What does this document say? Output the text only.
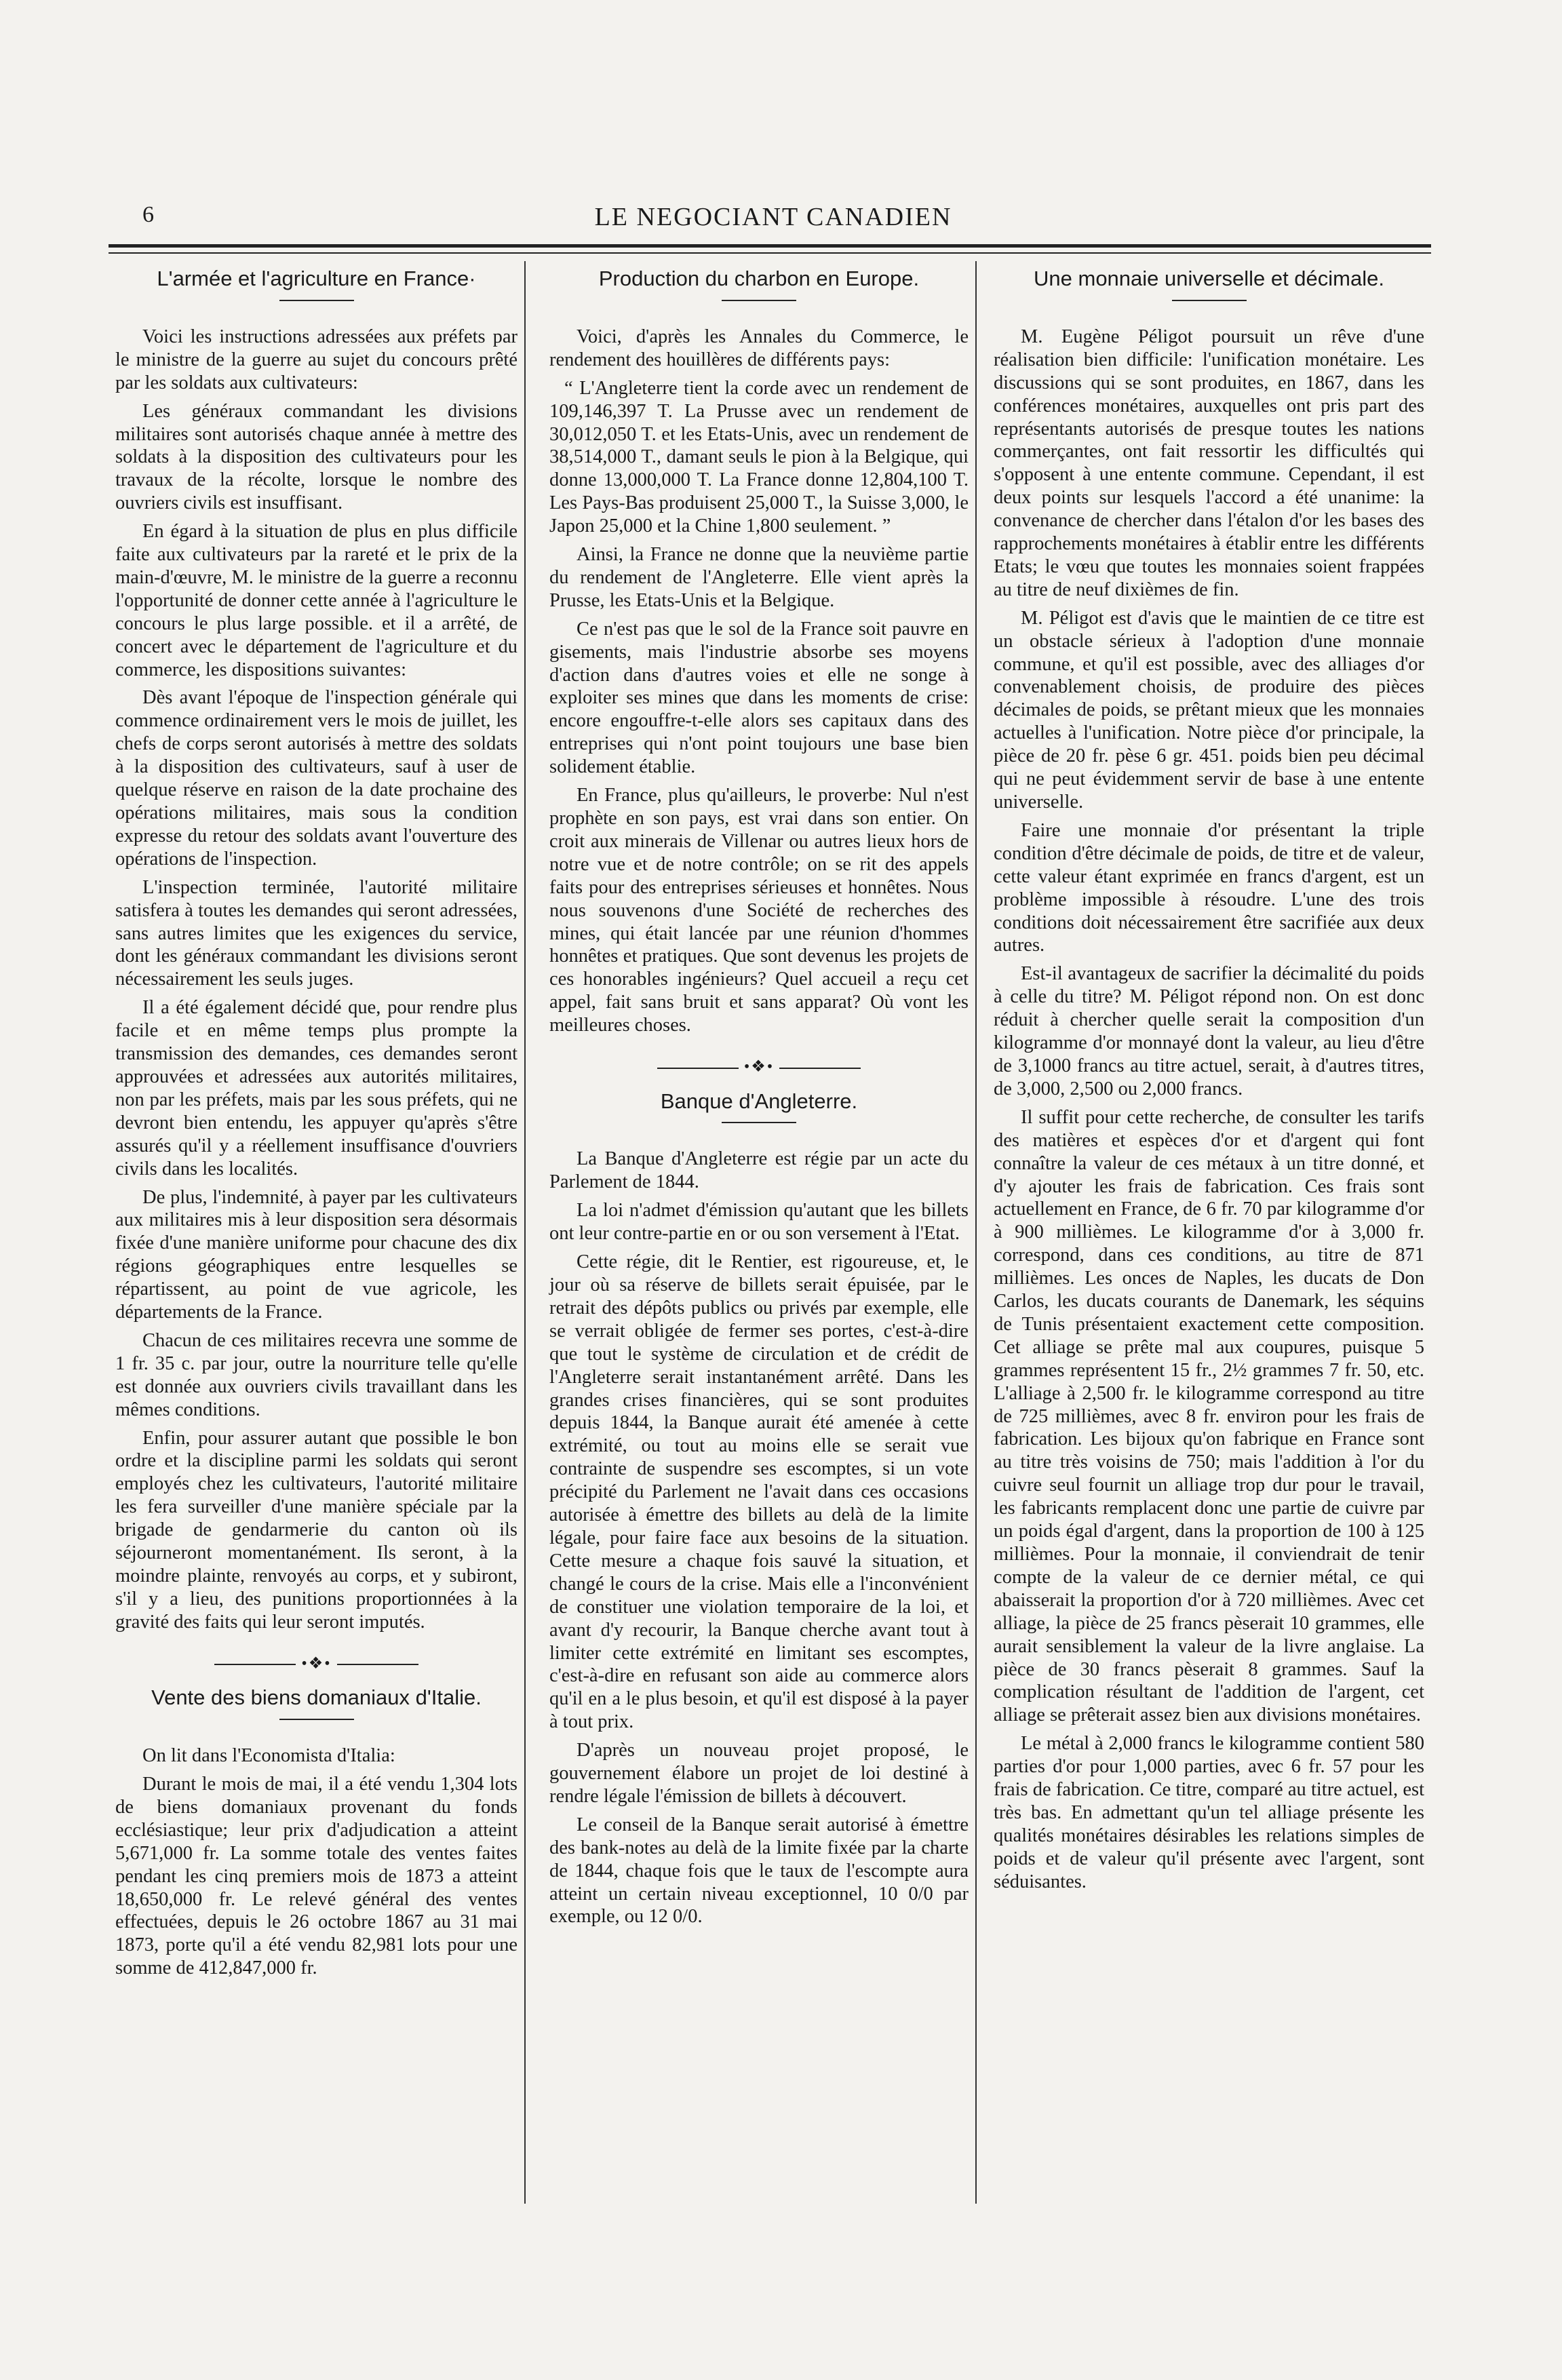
6	LE NEGOCIANT CANADIEN
L'armée et l'agriculture en France·

Voici les instructions adressées aux préfets par le ministre de la guerre au sujet du concours prêté par les soldats aux cultivateurs:

Les généraux commandant les divisions militaires sont autorisés chaque année à mettre des soldats à la disposition des cultivateurs pour les travaux de la récolte, lorsque le nombre des ouvriers civils est insuffisant.

En égard à la situation de plus en plus difficile faite aux cultivateurs par la rareté et le prix de la main-d'œuvre, M. le ministre de la guerre a reconnu l'opportunité de donner cette année à l'agriculture le concours le plus large possible. et il a arrêté, de concert avec le département de l'agriculture et du commerce, les dispositions suivantes:

Dès avant l'époque de l'inspection générale qui commence ordinairement vers le mois de juillet, les chefs de corps seront autorisés à mettre des soldats à la disposition des cultivateurs, sauf à user de quelque réserve en raison de la date prochaine des opérations militaires, mais sous la condition expresse du retour des soldats avant l'ouverture des opérations de l'inspection.

L'inspection terminée, l'autorité militaire satisfera à toutes les demandes qui seront adressées, sans autres limites que les exigences du service, dont les généraux commandant les divisions seront nécessairement les seuls juges.

Il a été également décidé que, pour rendre plus facile et en même temps plus prompte la transmission des demandes, ces demandes seront approuvées et adressées aux autorités militaires, non par les préfets, mais par les sous préfets, qui ne devront bien entendu, les appuyer qu'après s'être assurés qu'il y a réellement insuffisance d'ouvriers civils dans les localités.

De plus, l'indemnité, à payer par les cultivateurs aux militaires mis à leur disposition sera désormais fixée d'une manière uniforme pour chacune des dix régions géographiques entre lesquelles se répartissent, au point de vue agricole, les départements de la France.

Chacun de ces militaires recevra une somme de 1 fr. 35 c. par jour, outre la nourriture telle qu'elle est donnée aux ouvriers civils travaillant dans les mêmes conditions.

Enfin, pour assurer autant que possible le bon ordre et la discipline parmi les soldats qui seront employés chez les cultivateurs, l'autorité militaire les fera surveiller d'une manière spéciale par la brigade de gendarmerie du canton où ils séjourneront momentanément. Ils seront, à la moindre plainte, renvoyés au corps, et y subiront, s'il y a lieu, des punitions proportionnées à la gravité des faits qui leur seront imputés.

•❖•
Vente des biens domaniaux d'Italie.

On lit dans l'Economista d'Italia:

Durant le mois de mai, il a été vendu 1,304 lots de biens domaniaux provenant du fonds ecclésiastique; leur prix d'adjudication a atteint 5,671,000 fr. La somme totale des ventes faites pendant les cinq premiers mois de 1873 a atteint 18,650,000 fr. Le relevé général des ventes effectuées, depuis le 26 octobre 1867 au 31 mai 1873, porte qu'il a été vendu 82,981 lots pour une somme de 412,847,000 fr.

Production du charbon en Europe.

Voici, d'après les Annales du Commerce, le rendement des houillères de différents pays:

“ L'Angleterre tient la corde avec un rendement de 109,146,397 T. La Prusse avec un rendement de 30,012,050 T. et les Etats-Unis, avec un rendement de 38,514,000 T., damant seuls le pion à la Belgique, qui donne 13,000,000 T. La France donne 12,804,100 T. Les Pays-Bas produisent 25,000 T., la Suisse 3,000, le Japon 25,000 et la Chine 1,800 seulement. ”

Ainsi, la France ne donne que la neuvième partie du rendement de l'Angleterre. Elle vient après la Prusse, les Etats-Unis et la Belgique.

Ce n'est pas que le sol de la France soit pauvre en gisements, mais l'industrie absorbe ses moyens d'action dans d'autres voies et elle ne songe à exploiter ses mines que dans les moments de crise: encore engouffre-t-elle alors ses capitaux dans des entreprises qui n'ont point toujours une base bien solidement établie.

En France, plus qu'ailleurs, le proverbe: Nul n'est prophète en son pays, est vrai dans son entier. On croit aux minerais de Villenar ou autres lieux hors de notre vue et de notre contrôle; on se rit des appels faits pour des entreprises sérieuses et honnêtes. Nous nous souvenons d'une Société de recherches des mines, qui était lancée par une réunion d'hommes honnêtes et pratiques. Que sont devenus les projets de ces honorables ingénieurs? Quel accueil a reçu cet appel, fait sans bruit et sans apparat? Où vont les meilleures choses.

•❖•
Banque d'Angleterre.

La Banque d'Angleterre est régie par un acte du Parlement de 1844.

La loi n'admet d'émission qu'autant que les billets ont leur contre-partie en or ou son versement à l'Etat.

Cette régie, dit le Rentier, est rigoureuse, et, le jour où sa réserve de billets serait épuisée, par le retrait des dépôts publics ou privés par exemple, elle se verrait obligée de fermer ses portes, c'est-à-dire que tout le système de circulation et de crédit de l'Angleterre serait instantanément arrêté. Dans les grandes crises financières, qui se sont produites depuis 1844, la Banque aurait été amenée à cette extrémité, ou tout au moins elle se serait vue contrainte de suspendre ses escomptes, si un vote précipité du Parlement ne l'avait dans ces occasions autorisée à émettre des billets au delà de la limite légale, pour faire face aux besoins de la situation. Cette mesure a chaque fois sauvé la situation, et changé le cours de la crise. Mais elle a l'inconvénient de constituer une violation temporaire de la loi, et avant d'y recourir, la Banque cherche avant tout à limiter cette extrémité en limitant ses escomptes, c'est-à-dire en refusant son aide au commerce alors qu'il en a le plus besoin, et qu'il est disposé à la payer à tout prix.

D'après un nouveau projet proposé, le gouvernement élabore un projet de loi destiné à rendre légale l'émission de billets à découvert.

Le conseil de la Banque serait autorisé à émettre des bank-notes au delà de la limite fixée par la charte de 1844, chaque fois que le taux de l'escompte aura atteint un certain niveau exceptionnel, 10 0/0 par exemple, ou 12 0/0.

Une monnaie universelle et décimale.

M. Eugène Péligot poursuit un rêve d'une réalisation bien difficile: l'unification monétaire. Les discussions qui se sont produites, en 1867, dans les conférences monétaires, auxquelles ont pris part des représentants autorisés de presque toutes les nations commerçantes, ont fait ressortir les difficultés qui s'opposent à une entente commune. Cependant, il est deux points sur lesquels l'accord a été unanime: la convenance de chercher dans l'étalon d'or les bases des rapprochements monétaires à établir entre les différents Etats; le vœu que toutes les monnaies soient frappées au titre de neuf dixièmes de fin.

M. Péligot est d'avis que le maintien de ce titre est un obstacle sérieux à l'adoption d'une monnaie commune, et qu'il est possible, avec des alliages d'or convenablement choisis, de produire des pièces décimales de poids, se prêtant mieux que les monnaies actuelles à l'unification. Notre pièce d'or principale, la pièce de 20 fr. pèse 6 gr. 451. poids bien peu décimal qui ne peut évidemment servir de base à une entente universelle.

Faire une monnaie d'or présentant la triple condition d'être décimale de poids, de titre et de valeur, cette valeur étant exprimée en francs d'argent, est un problème impossible à résoudre. L'une des trois conditions doit nécessairement être sacrifiée aux deux autres.

Est-il avantageux de sacrifier la décimalité du poids à celle du titre? M. Péligot répond non. On est donc réduit à chercher quelle serait la composition d'un kilogramme d'or monnayé dont la valeur, au lieu d'être de 3,1000 francs au titre actuel, serait, à d'autres titres, de 3,000, 2,500 ou 2,000 francs.

Il suffit pour cette recherche, de consulter les tarifs des matières et espèces d'or et d'argent qui font connaître la valeur de ces métaux à un titre donné, et d'y ajouter les frais de fabrication. Ces frais sont actuellement en France, de 6 fr. 70 par kilogramme d'or à 900 millièmes. Le kilogramme d'or à 3,000 fr. correspond, dans ces conditions, au titre de 871 millièmes. Les onces de Naples, les ducats de Don Carlos, les ducats courants de Danemark, les séquins de Tunis présentaient exactement cette composition. Cet alliage se prête mal aux coupures, puisque 5 grammes représentent 15 fr., 2½ grammes 7 fr. 50, etc. L'alliage à 2,500 fr. le kilogramme correspond au titre de 725 millièmes, avec 8 fr. environ pour les frais de fabrication. Les bijoux qu'on fabrique en France sont au titre très voisins de 750; mais l'addition à l'or du cuivre seul fournit un alliage trop dur pour le travail, les fabricants remplacent donc une partie de cuivre par un poids égal d'argent, dans la proportion de 100 à 125 millièmes. Pour la monnaie, il conviendrait de tenir compte de la valeur de ce dernier métal, ce qui abaisserait la proportion d'or à 720 millièmes. Avec cet alliage, la pièce de 25 francs pèserait 10 grammes, elle aurait sensiblement la valeur de la livre anglaise. La pièce de 30 francs pèserait 8 grammes. Sauf la complication résultant de l'addition de l'argent, cet alliage se prêterait assez bien aux divisions monétaires.

Le métal à 2,000 francs le kilogramme contient 580 parties d'or pour 1,000 parties, avec 6 fr. 57 pour les frais de fabrication. Ce titre, comparé au titre actuel, est très bas. En admettant qu'un tel alliage présente les qualités monétaires désirables les relations simples de poids et de valeur qu'il présente avec l'argent, sont séduisantes.
